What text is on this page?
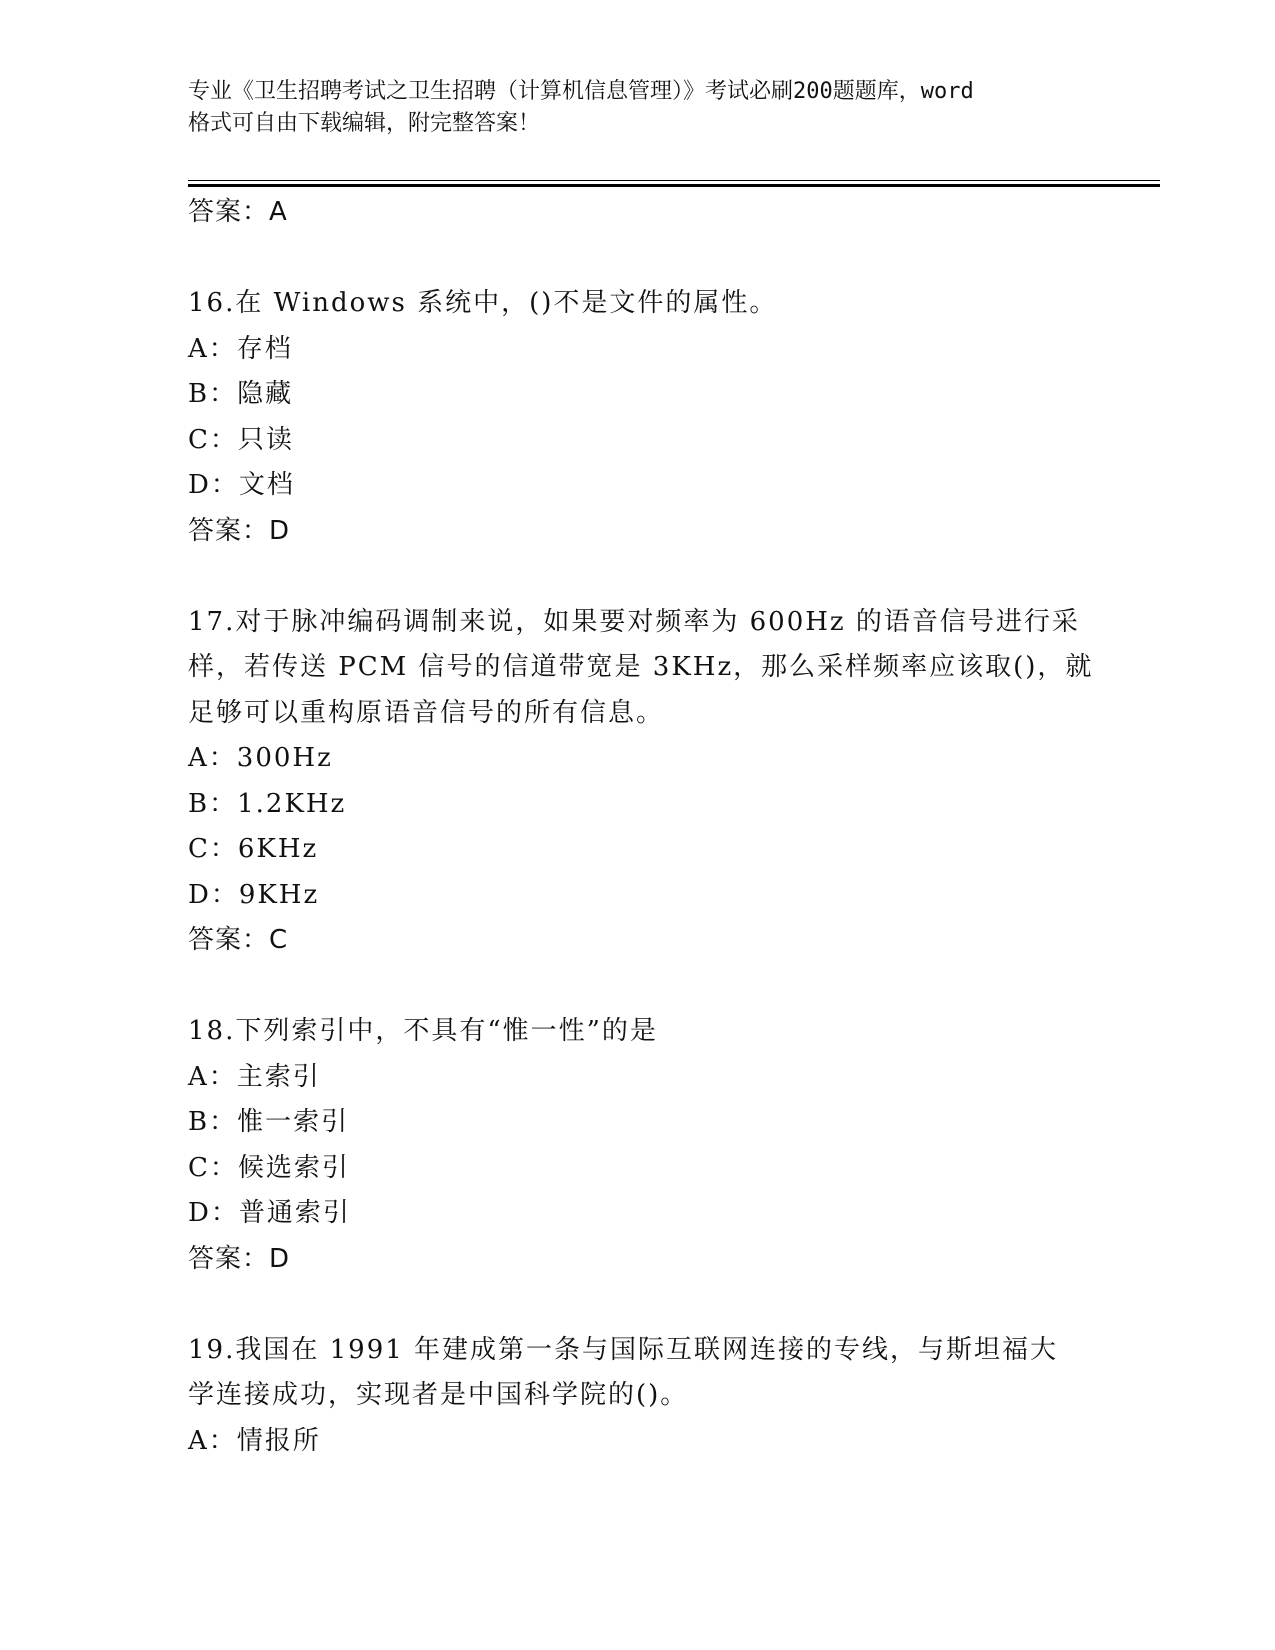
专业《卫生招聘考试之卫生招聘（计算机信息管理）》考试必刷200题题库，word
格式可自由下载编辑，附完整答案！
答案：A
16.在 Windows 系统中，()不是文件的属性。
A：存档
B：隐藏
C：只读
D：文档
答案：D
17.对于脉冲编码调制来说，如果要对频率为 600Hz 的语音信号进行采
样，若传送 PCM 信号的信道带宽是 3KHz，那么采样频率应该取()，就
足够可以重构原语音信号的所有信息。
A：300Hz
B：1.2KHz
C：6KHz
D：9KHz
答案：C
18.下列索引中，不具有“惟一性”的是
A：主索引
B：惟一索引
C：候选索引
D：普通索引
答案：D
19.我国在 1991 年建成第一条与国际互联网连接的专线，与斯坦福大
学连接成功，实现者是中国科学院的()。
A：情报所
